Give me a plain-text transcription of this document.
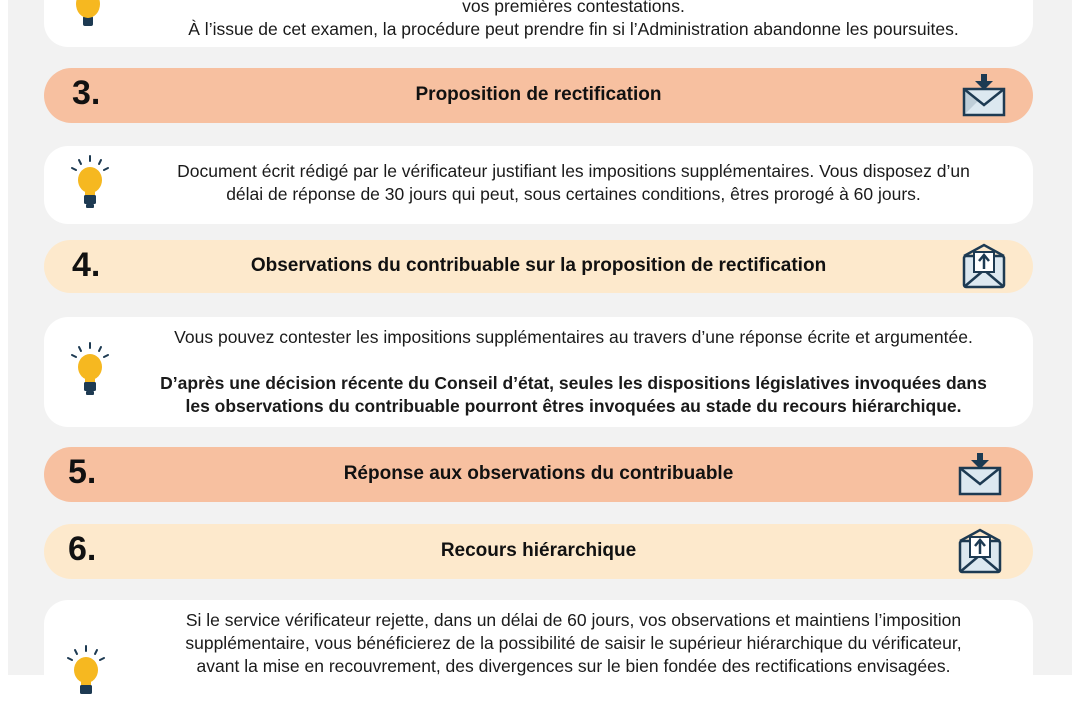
vos premières contestations.

À l’issue de cet examen, la procédure peut prendre fin si l’Administration abandonne les poursuites.

3.	Proposition de rectification

Document écrit rédigé par le vérificateur justifiant les impositions supplémentaires. Vous disposez d’un

délai de réponse de 30 jours qui peut, sous certaines conditions, êtres prorogé à 60 jours.

4.	Observations du contribuable sur la proposition de rectification

Vous pouvez contester les impositions supplémentaires au travers d’une réponse écrite et argumentée.

D’après une décision récente du Conseil d’état, seules les dispositions législatives invoquées dans

les observations du contribuable pourront êtres invoquées au stade du recours hiérarchique.

5.	Réponse aux observations du contribuable
6.	Recours hiérarchique

Si le service vérificateur rejette, dans un délai de 60 jours, vos observations et maintiens l’imposition

supplémentaire, vous bénéficierez de la possibilité de saisir le supérieur hiérarchique du vérificateur,

avant la mise en recouvrement, des divergences sur le bien fondée des rectifications envisagées.
